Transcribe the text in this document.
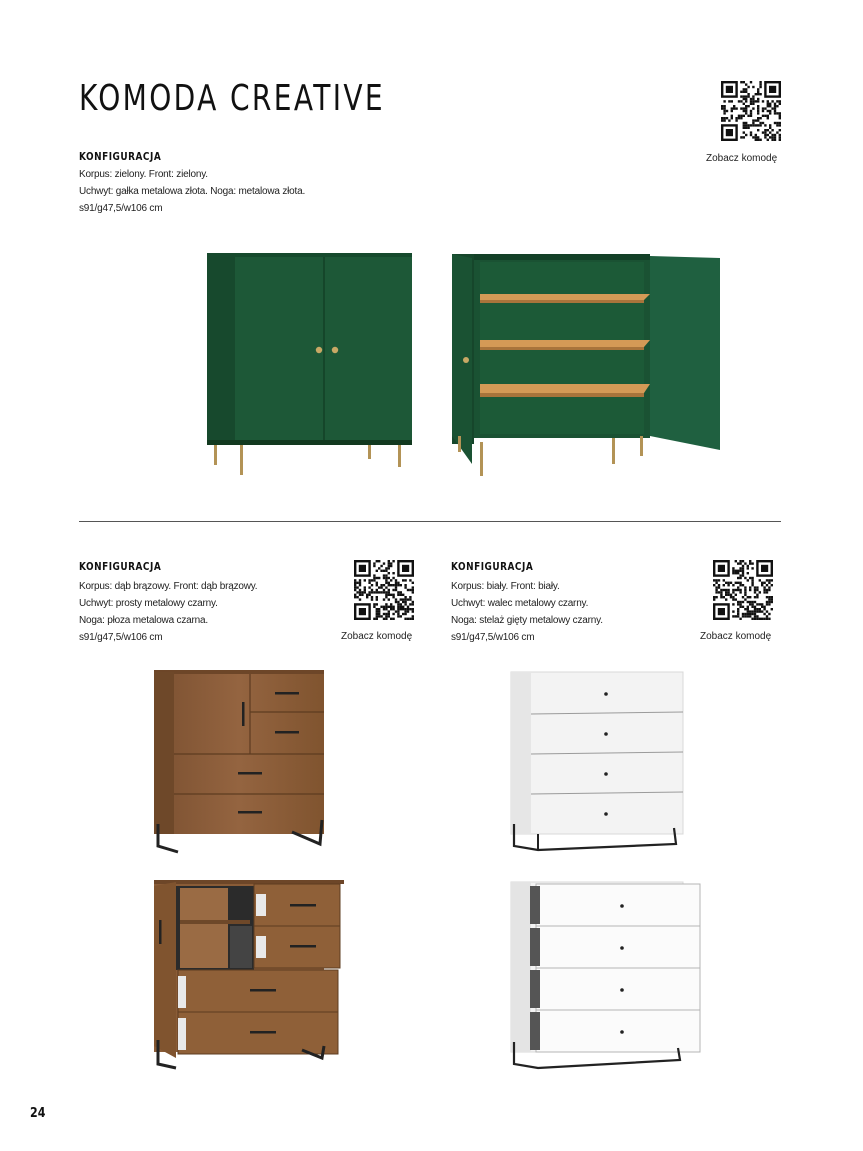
KOMODA CREATIVE
KONFIGURACJA
Korpus: zielony. Front: zielony.
Uchwyt: gałka metalowa złota. Noga: metalowa złota.
s91/g47,5/w106 cm
Zobacz komodę
KONFIGURACJA
Korpus: dąb brązowy. Front: dąb brązowy.
Uchwyt: prosty metalowy czarny.
Noga: płoza metalowa czarna.
s91/g47,5/w106 cm	Zobacz komodę
KONFIGURACJA
Korpus: biały. Front: biały.
Uchwyt: walec metalowy czarny.
Noga: stelaż gięty metalowy czarny.
s91/g47,5/w106 cm	Zobacz komodę
24
